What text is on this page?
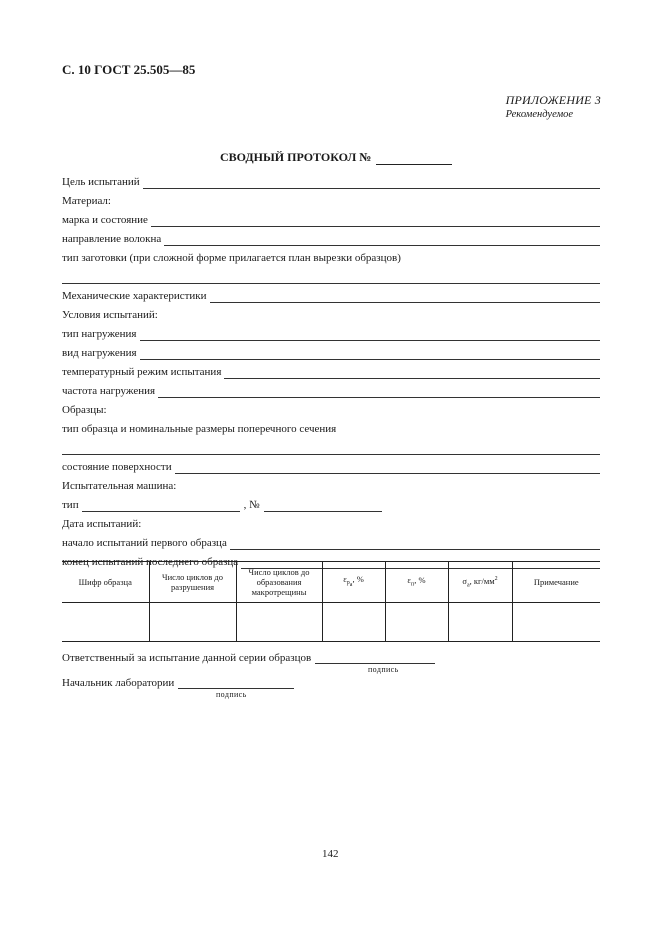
С. 10 ГОСТ 25.505—85
ПРИЛОЖЕНИЕ 3
Рекомендуемое
СВОДНЫЙ ПРОТОКОЛ №
Цель испытаний
Материал:
марка и состояние
направление волокна
тип заготовки (при сложной форме прилагается план вырезки образцов)
Механические характеристики
Условия испытаний:
тип нагружения
вид нагружения
температурный режим испытания
частота нагружения
Образцы:
тип образца и номинальные размеры поперечного сечения
состояние поверхности
Испытательная машина:
тип	, №
Дата испытаний:
начало испытаний первого образца
конец испытаний последнего образца
Шифр образца	Число циклов до разрушения	Число циклов до образования макротрещины	$\varepsilon_{р_а}$, %	$\varepsilon_п$, %	$\sigma_а$, $кг/мм^2$	Примечание

Ответственный за испытание данной серии образцов
подпись
Начальник лаборатории
подпись
142
